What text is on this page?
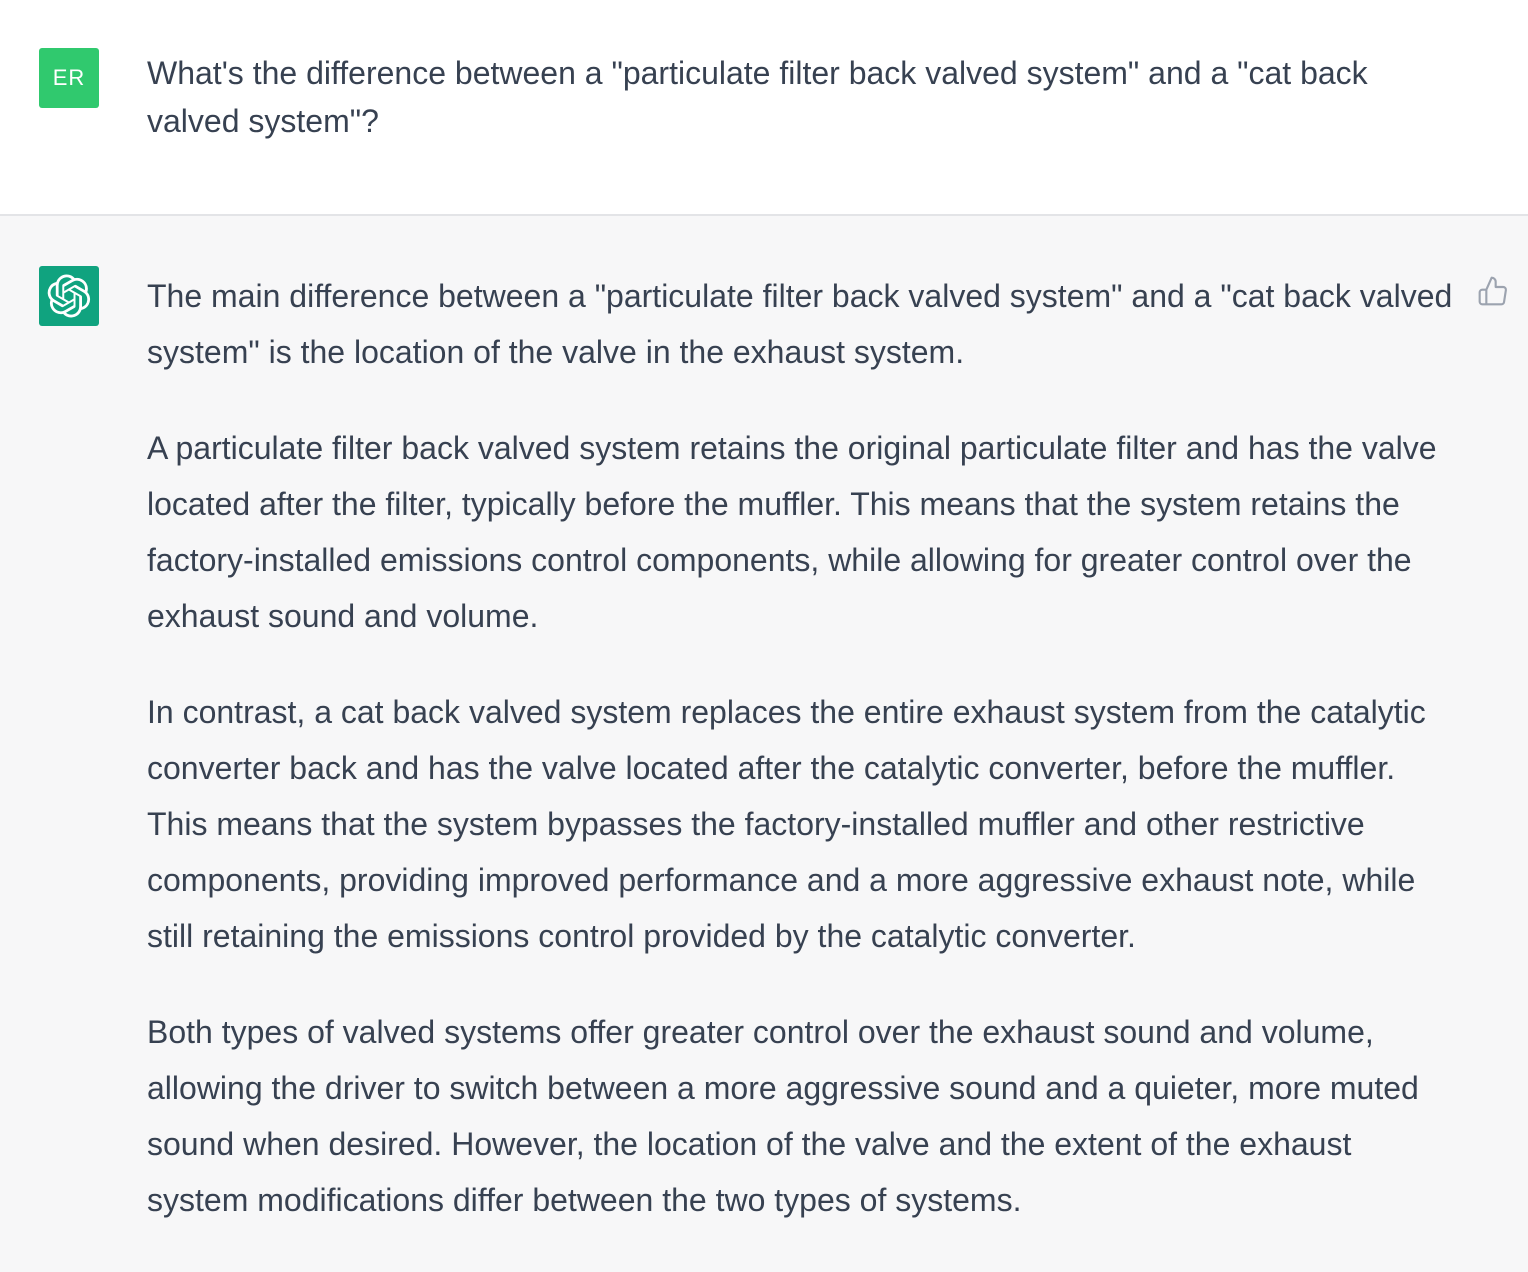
ER What's the difference between a "particulate filter back valved system" and a "cat back valved system"?

The main difference between a "particulate filter back valved system" and a "cat back valved system" is the location of the valve in the exhaust system.

A particulate filter back valved system retains the original particulate filter and has the valve located after the filter, typically before the muffler. This means that the system retains the factory-installed emissions control components, while allowing for greater control over the exhaust sound and volume.

In contrast, a cat back valved system replaces the entire exhaust system from the catalytic converter back and has the valve located after the catalytic converter, before the muffler. This means that the system bypasses the factory-installed muffler and other restrictive components, providing improved performance and a more aggressive exhaust note, while still retaining the emissions control provided by the catalytic converter.

Both types of valved systems offer greater control over the exhaust sound and volume, allowing the driver to switch between a more aggressive sound and a quieter, more muted sound when desired. However, the location of the valve and the extent of the exhaust system modifications differ between the two types of systems.
